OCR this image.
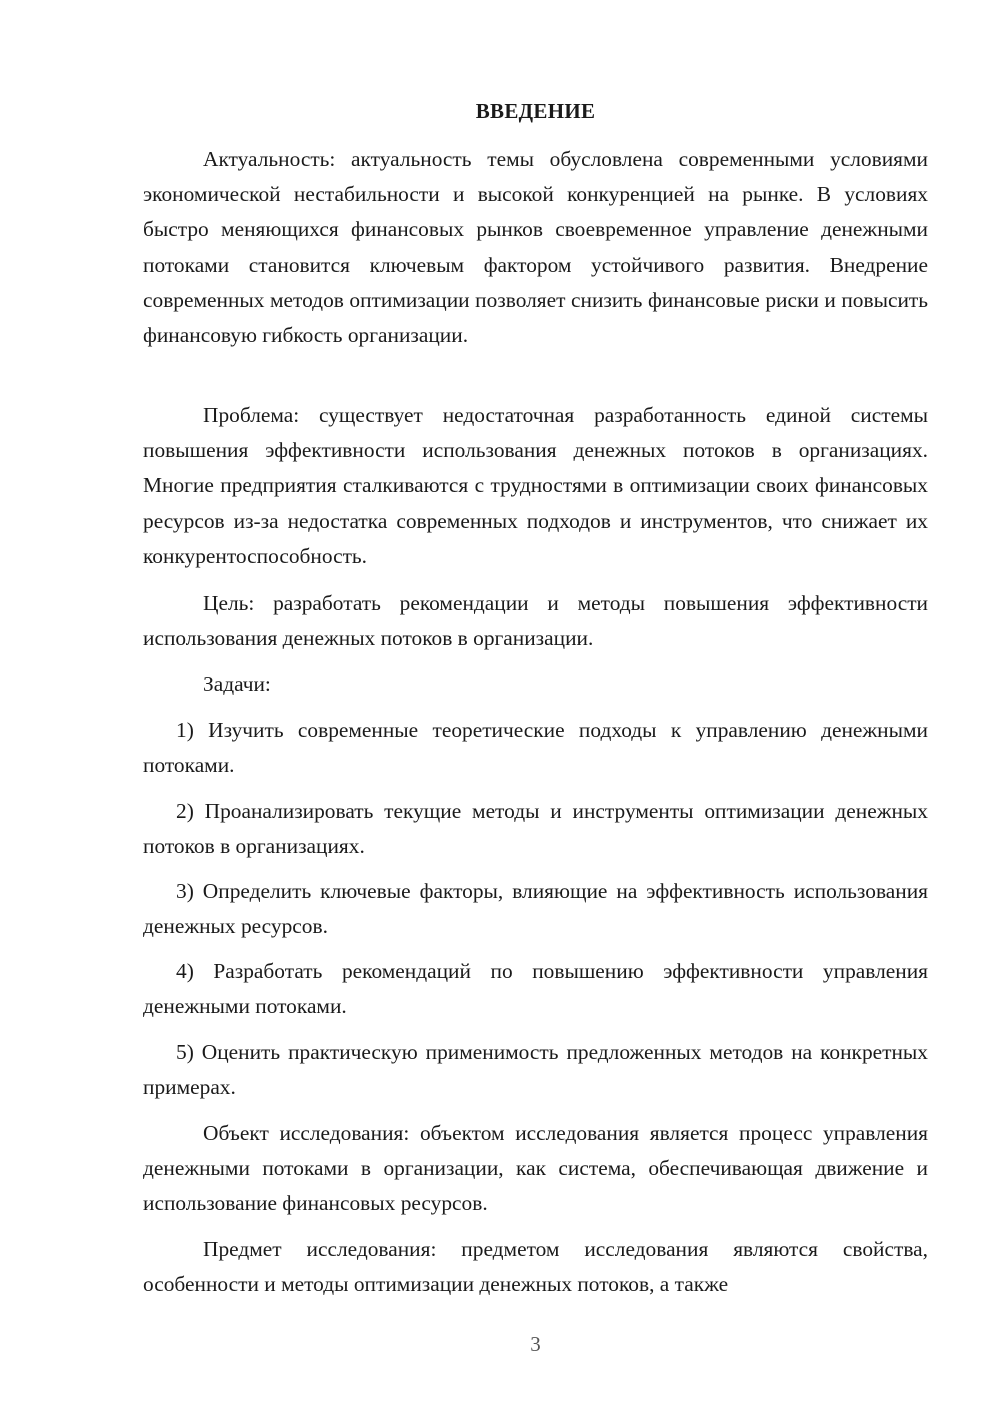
ВВЕДЕНИЕ

Актуальность: актуальность темы обусловлена современными условиями экономической нестабильности и высокой конкуренцией на рынке. В условиях быстро меняющихся финансовых рынков своевременное управление денежными потоками становится ключевым фактором устойчивого развития. Внедрение современных методов оптимизации позволяет снизить финансовые риски и повысить финансовую гибкость организации.

Проблема: существует недостаточная разработанность единой системы повышения эффективности использования денежных потоков в организациях. Многие предприятия сталкиваются с трудностями в оптимизации своих финансовых ресурсов из-за недостатка современных подходов и инструментов, что снижает их конкурентоспособность.

Цель: разработать рекомендации и методы повышения эффективности использования денежных потоков в организации.

Задачи:

1) Изучить современные теоретические подходы к управлению денежными потоками.

2) Проанализировать текущие методы и инструменты оптимизации денежных потоков в организациях.

3) Определить ключевые факторы, влияющие на эффективность использования денежных ресурсов.

4) Разработать рекомендаций по повышению эффективности управления денежными потоками.

5) Оценить практическую применимость предложенных методов на конкретных примерах.

Объект исследования: объектом исследования является процесс управления денежными потоками в организации, как система, обеспечивающая движение и использование финансовых ресурсов.

Предмет исследования: предметом исследования являются свойства, особенности и методы оптимизации денежных потоков, а также

3
